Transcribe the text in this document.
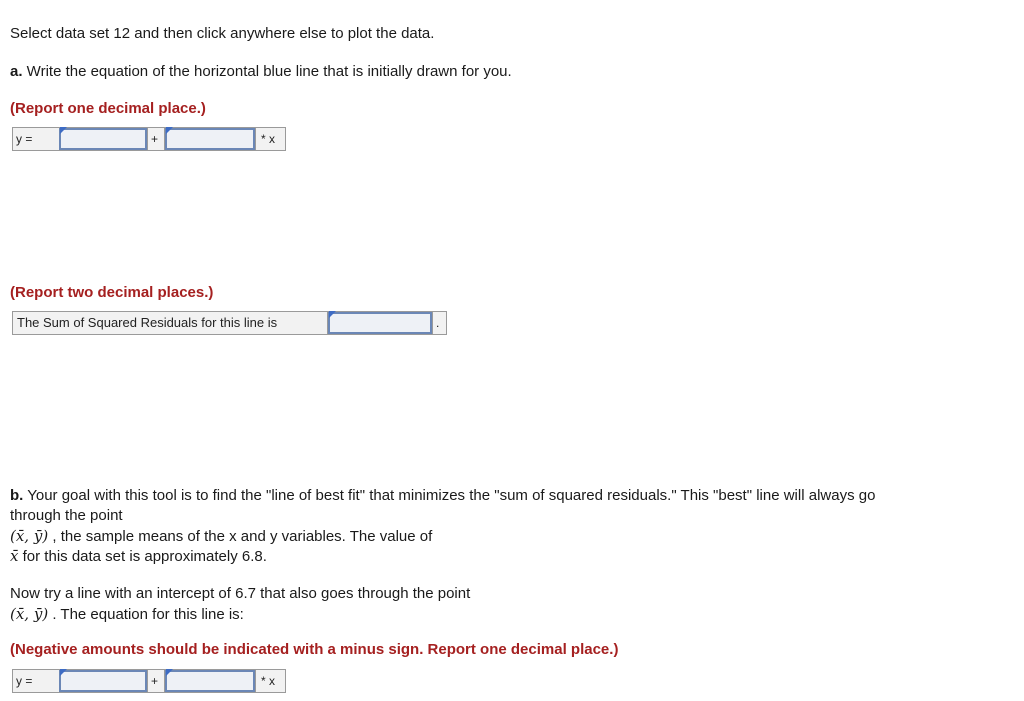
Select data set 12 and then click anywhere else to plot the data.
a. Write the equation of the horizontal blue line that is initially drawn for you.
(Report one decimal place.)
y =	+	* x
(Report two decimal places.)
The Sum of Squared Residuals for this line is	.
b. Your goal with this tool is to find the "line of best fit" that minimizes the "sum of squared residuals." This "best" line will always go
through the point
(x̄, ȳ) , the sample means of the x and y variables. The value of
x̄ for this data set is approximately 6.8.
Now try a line with an intercept of 6.7 that also goes through the point
(x̄, ȳ) . The equation for this line is:
(Negative amounts should be indicated with a minus sign. Report one decimal place.)
y =	+	* x
